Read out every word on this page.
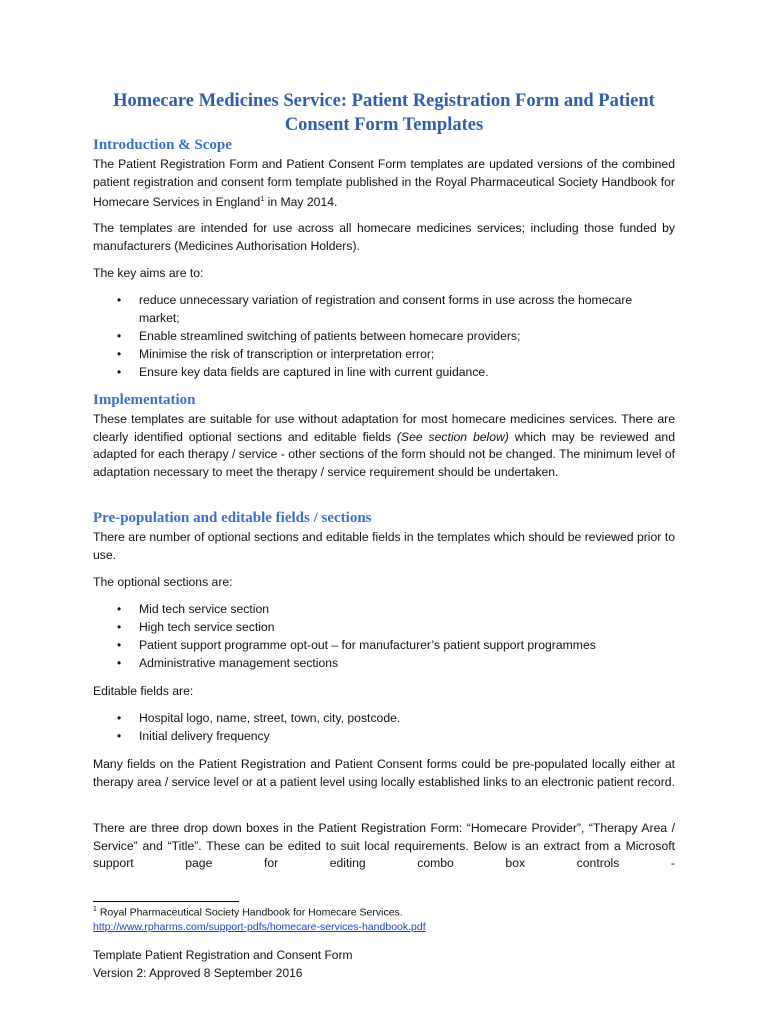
Homecare Medicines Service: Patient Registration Form and Patient
Consent Form Templates
Introduction & Scope

The Patient Registration Form and Patient Consent Form templates are updated versions of the combined patient registration and consent form template published in the Royal Pharmaceutical Society Handbook for Homecare Services in England$^1$ in May 2014.

The templates are intended for use across all homecare medicines services; including those funded by manufacturers (Medicines Authorisation Holders).

The key aims are to:

• reduce unnecessary variation of registration and consent forms in use across the homecare market;
• Enable streamlined switching of patients between homecare providers;
• Minimise the risk of transcription or interpretation error;
• Ensure key data fields are captured in line with current guidance.
Implementation

These templates are suitable for use without adaptation for most homecare medicines services. There are clearly identified optional sections and editable fields (See section below) which may be reviewed and adapted for each therapy / service - other sections of the form should not be changed. The minimum level of adaptation necessary to meet the therapy / service requirement should be undertaken.

Pre-population and editable fields / sections

There are number of optional sections and editable fields in the templates which should be reviewed prior to use.

The optional sections are:

• Mid tech service section
• High tech service section
• Patient support programme opt-out – for manufacturer’s patient support programmes
• Administrative management sections

Editable fields are:

• Hospital logo, name, street, town, city, postcode.
• Initial delivery frequency

Many fields on the Patient Registration and Patient Consent forms could be pre-populated locally either at therapy area / service level or at a patient level using locally established links to an electronic patient record.

There are three drop down boxes in the Patient Registration Form: “Homecare Provider”, “Therapy Area / Service” and “Title”. These can be edited to suit local requirements. Below is an extract from a Microsoft support page for editing combo box controls -

$^1$ Royal Pharmaceutical Society Handbook for Homecare Services.
http://www.rpharms.com/support-pdfs/homecare-services-handbook.pdf
Template Patient Registration and Consent Form
Version 2: Approved 8 September 2016
